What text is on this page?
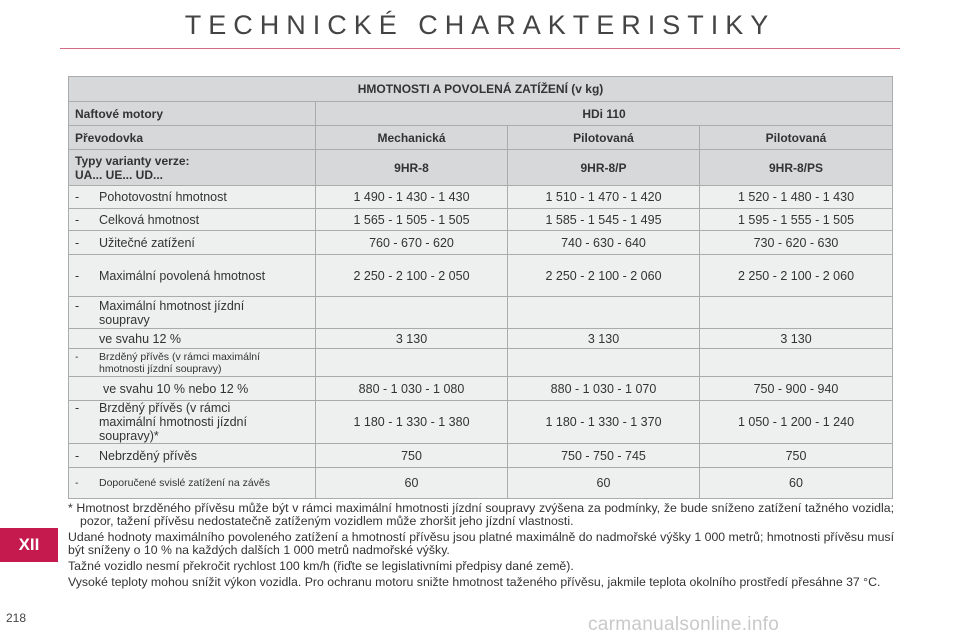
TECHNICKÉ CHARAKTERISTIKY
HMOTNOSTI A POVOLENÁ ZATÍŽENÍ (v kg)			
Naftové motory	HDi 110		
Převodovka	Mechanická	Pilotovaná	Pilotovaná
Typy varianty verze:
UA... UE... UD...	9HR-8	9HR-8/P	9HR-8/PS
- Pohotovostní hmotnost	1 490 - 1 430 - 1 430	1 510 - 1 470 - 1 420	1 520 - 1 480 - 1 430
- Celková hmotnost	1 565 - 1 505 - 1 505	1 585 - 1 545 - 1 495	1 595 - 1 555 - 1 505
- Užitečné zatížení	760 - 670 - 620	740 - 630 - 640	730 - 620 - 630
- Maximální povolená hmotnost	2 250 - 2 100 - 2 050	2 250 - 2 100 - 2 060	2 250 - 2 100 - 2 060
- Maximální hmotnost jízdní
soupravy			

ve svahu 12 %	3 130	3 130	3 130
- Brzděný přívěs (v rámci maximální
hmotnosti jízdní soupravy)			

ve svahu 10 % nebo 12 %	880 - 1 030 - 1 080	880 - 1 030 - 1 070	750 - 900 - 940
- Brzděný přívěs (v rámci
maximální hmotnosti jízdní
soupravy)*	1 180 - 1 330 - 1 380	1 180 - 1 330 - 1 370	1 050 - 1 200 - 1 240
- Nebrzděný přívěs	750	750 - 750 - 745	750
- Doporučené svislé zatížení na závěs	60	60	60

* Hmotnost brzděného přívěsu může být v rámci maximální hmotnosti jízdní soupravy zvýšena za podmínky, že bude sníženo zatížení tažného vozidla; pozor, tažení přívěsu nedostatečně zatíženým vozidlem může zhoršit jeho jízdní vlastnosti.

Udané hodnoty maximálního povoleného zatížení a hmotností přívěsu jsou platné maximálně do nadmořské výšky 1 000 metrů; hmotnosti přívěsu musí být sníženy o 10 % na každých dalších 1 000 metrů nadmořské výšky.

Tažné vozidlo nesmí překročit rychlost 100 km/h (řiďte se legislativními předpisy dané země).

Vysoké teploty mohou snížit výkon vozidla. Pro ochranu motoru snižte hmotnost taženého přívěsu, jakmile teplota okolního prostředí přesáhne 37 °C.

XII
218	carmanualsonline.info
